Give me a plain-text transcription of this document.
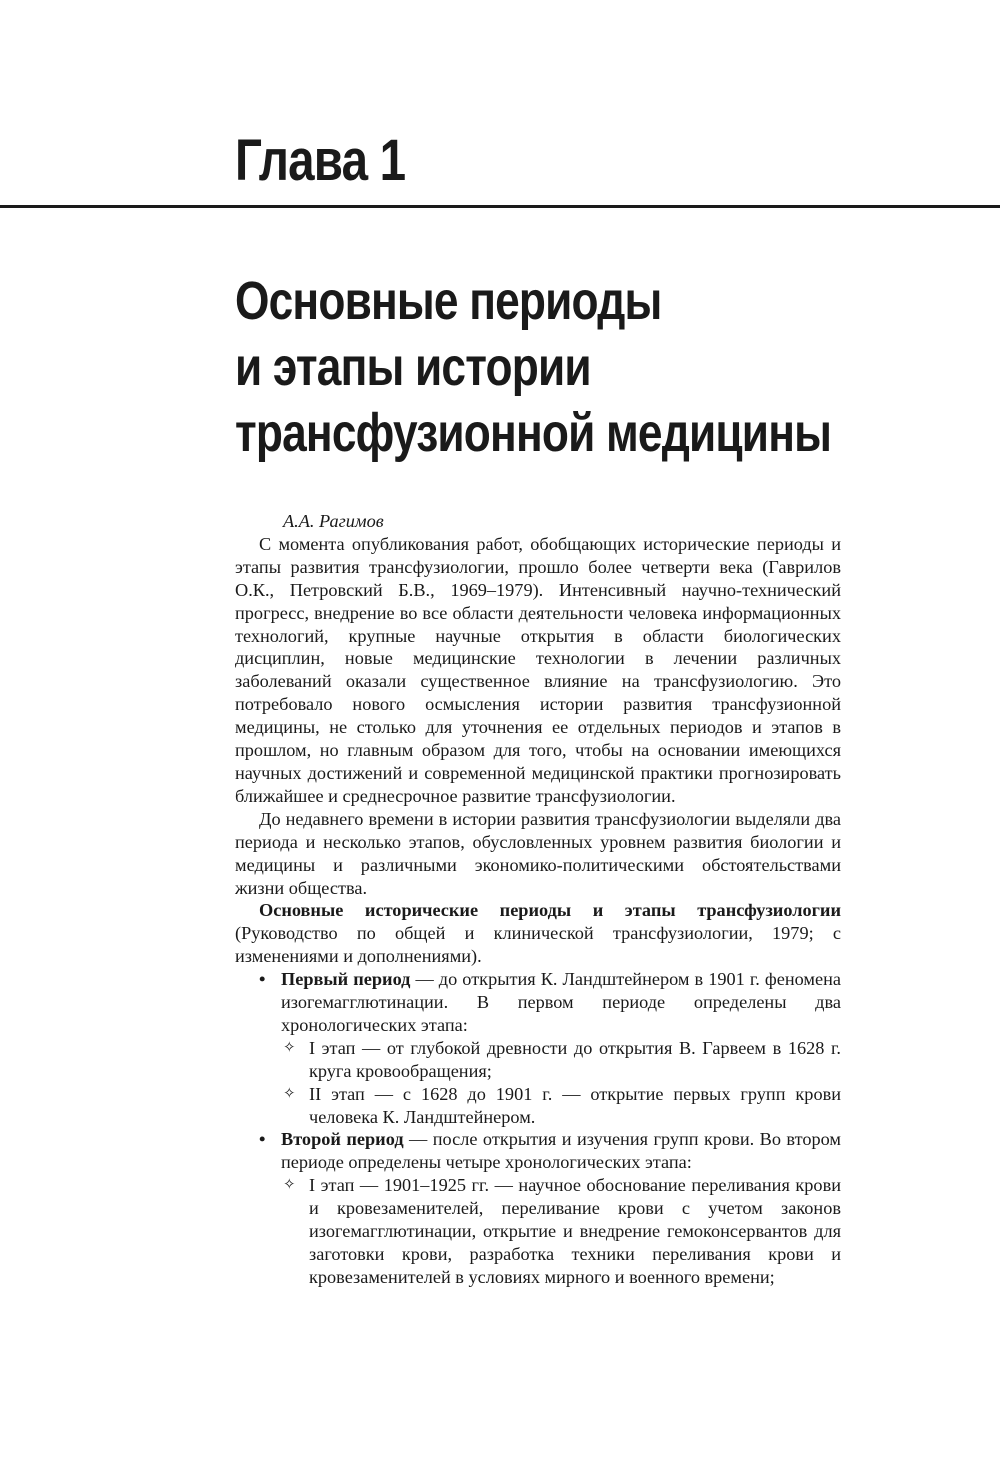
Глава 1
Основные периоды
и этапы истории
трансфузионной медицины

А.А. Рагимов

С момента опубликования работ, обобщающих исторические периоды и этапы развития трансфузиологии, прошло более четверти века (Гаврилов О.К., Петровский Б.В., 1969–1979). Интенсивный научно-технический прогресс, внедрение во все области деятельности человека информационных технологий, крупные научные открытия в области биологических дисциплин, новые медицинские технологии в лечении различных заболеваний оказали существенное влияние на трансфузиологию. Это потребовало нового осмысления истории развития трансфузионной медицины, не столько для уточнения ее отдельных периодов и этапов в прошлом, но главным образом для того, чтобы на основании имеющихся научных достижений и современной медицинской практики прогнозировать ближайшее и среднесрочное развитие трансфузиологии.

До недавнего времени в истории развития трансфузиологии выделяли два периода и несколько этапов, обусловленных уровнем развития биологии и медицины и различными экономико-политическими обстоятельствами жизни общества.

Основные исторические периоды и этапы трансфузиологии (Руководство по общей и клинической трансфузиологии, 1979; с изменениями и дополнениями).

• Первый период — до открытия К. Ландштейнером в 1901 г. феномена изогемагглютинации. В первом периоде определены два хронологических этапа:
✧ I этап — от глубокой древности до открытия В. Гарвеем в 1628 г. круга кровообращения;
✧ II этап — с 1628 до 1901 г. — открытие первых групп крови человека К. Ландштейнером.
• Второй период — после открытия и изучения групп крови. Во втором периоде определены четыре хронологических этапа:
✧ I этап — 1901–1925 гг. — научное обоснование переливания крови и кровезаменителей, переливание крови с учетом законов изогемагглютинации, открытие и внедрение гемоконсервантов для заготовки крови, разработка техники переливания крови и кровезаменителей в условиях мирного и военного времени;
